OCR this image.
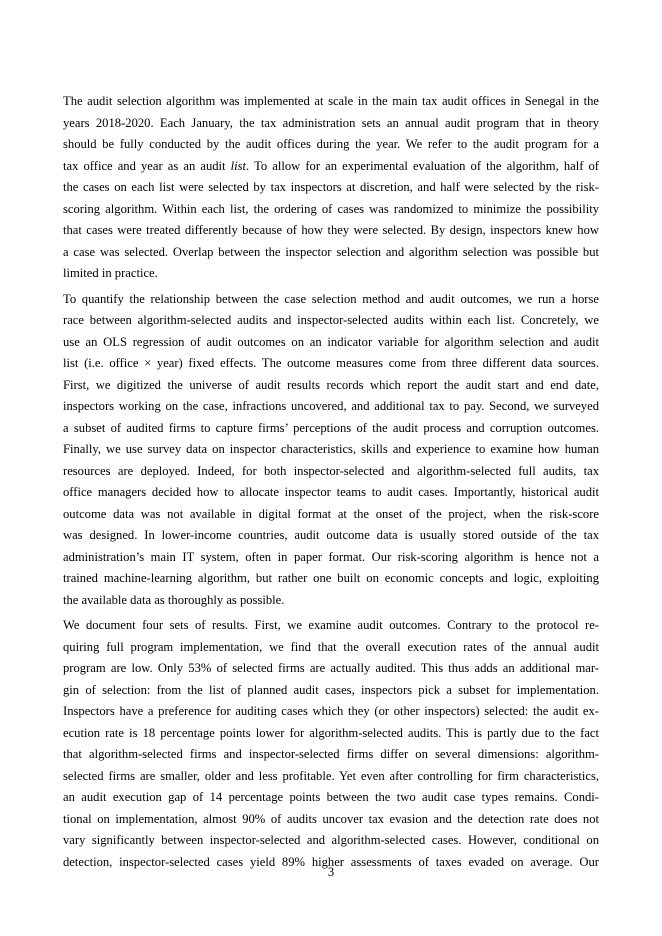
The audit selection algorithm was implemented at scale in the main tax audit offices in Senegal in the
years 2018-2020. Each January, the tax administration sets an annual audit program that in theory
should be fully conducted by the audit offices during the year. We refer to the audit program for a
tax office and year as an audit list. To allow for an experimental evaluation of the algorithm, half of
the cases on each list were selected by tax inspectors at discretion, and half were selected by the risk-
scoring algorithm. Within each list, the ordering of cases was randomized to minimize the possibility
that cases were treated differently because of how they were selected. By design, inspectors knew how
a case was selected. Overlap between the inspector selection and algorithm selection was possible but
limited in practice.

To quantify the relationship between the case selection method and audit outcomes, we run a horse
race between algorithm-selected audits and inspector-selected audits within each list. Concretely, we
use an OLS regression of audit outcomes on an indicator variable for algorithm selection and audit
list (i.e. office × year) fixed effects. The outcome measures come from three different data sources.
First, we digitized the universe of audit results records which report the audit start and end date,
inspectors working on the case, infractions uncovered, and additional tax to pay. Second, we surveyed
a subset of audited firms to capture firms’ perceptions of the audit process and corruption outcomes.
Finally, we use survey data on inspector characteristics, skills and experience to examine how human
resources are deployed. Indeed, for both inspector-selected and algorithm-selected full audits, tax
office managers decided how to allocate inspector teams to audit cases. Importantly, historical audit
outcome data was not available in digital format at the onset of the project, when the risk-score
was designed. In lower-income countries, audit outcome data is usually stored outside of the tax
administration’s main IT system, often in paper format. Our risk-scoring algorithm is hence not a
trained machine-learning algorithm, but rather one built on economic concepts and logic, exploiting
the available data as thoroughly as possible.

We document four sets of results. First, we examine audit outcomes. Contrary to the protocol re-
quiring full program implementation, we find that the overall execution rates of the annual audit
program are low. Only 53% of selected firms are actually audited. This thus adds an additional mar-
gin of selection: from the list of planned audit cases, inspectors pick a subset for implementation.
Inspectors have a preference for auditing cases which they (or other inspectors) selected: the audit ex-
ecution rate is 18 percentage points lower for algorithm-selected audits. This is partly due to the fact
that algorithm-selected firms and inspector-selected firms differ on several dimensions: algorithm-
selected firms are smaller, older and less profitable. Yet even after controlling for firm characteristics,
an audit execution gap of 14 percentage points between the two audit case types remains. Condi-
tional on implementation, almost 90% of audits uncover tax evasion and the detection rate does not
vary significantly between inspector-selected and algorithm-selected cases. However, conditional on
detection, inspector-selected cases yield 89% higher assessments of taxes evaded on average. Our

3
